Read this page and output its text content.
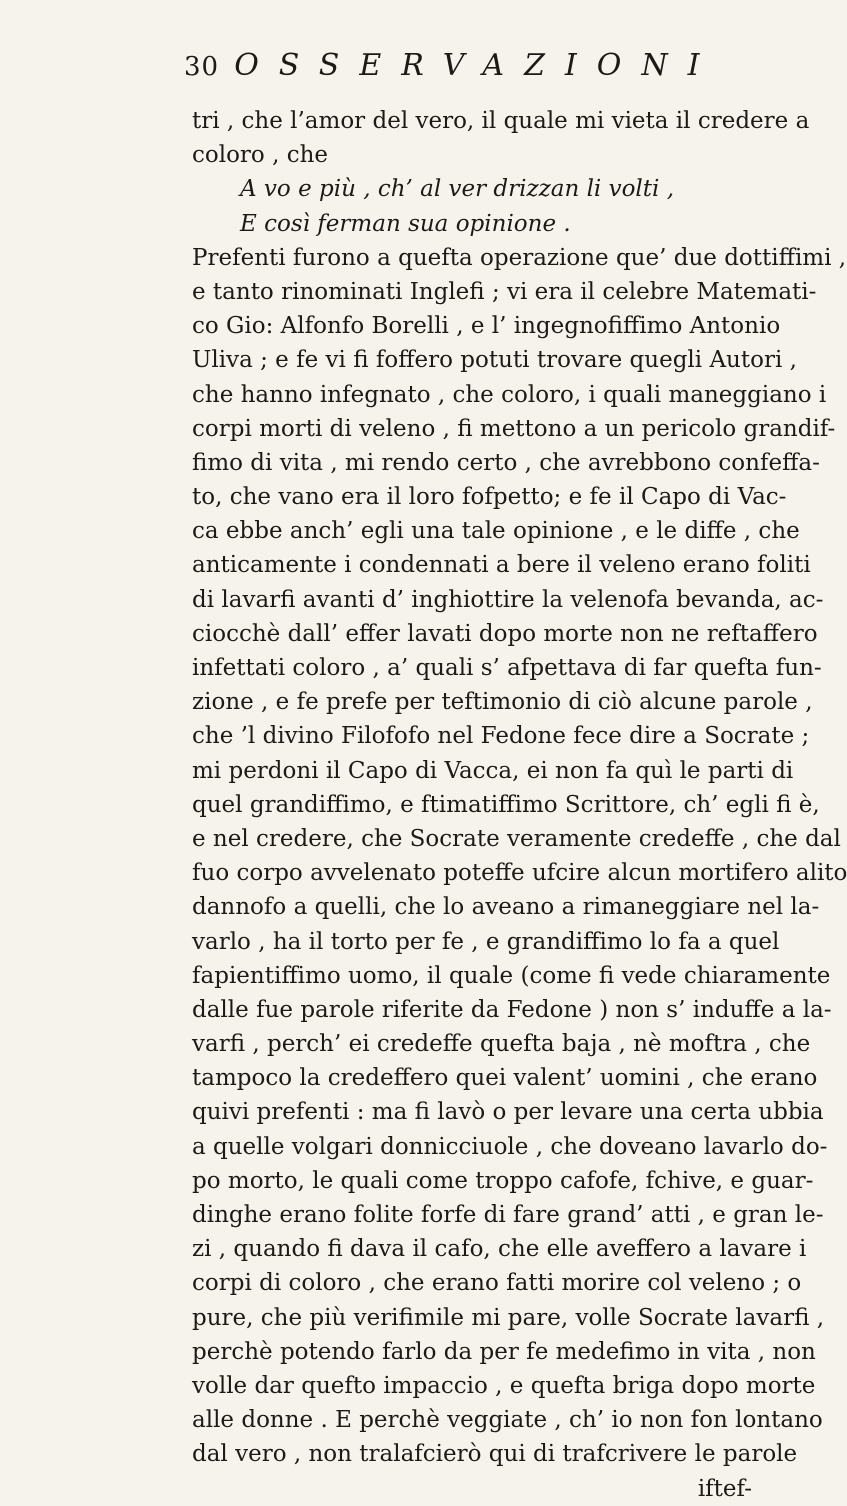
30 OSSERVAZIONI
tri , che l’amor del vero, il quale mi vieta il credere a
coloro , che
A vo e più , ch’ al ver drizzan li volti ,
E così ferman sua opinione .
Prefenti furono a quefta operazione que’ due dottiffimi ,
e tanto rinominati Inglefi ; vi era il celebre Matemati-
co Gio: Alfonfo Borelli , e l’ ingegnofiffimo Antonio
Uliva ; e fe vi fi foffero potuti trovare quegli Autori ,
che hanno infegnato , che coloro, i quali maneggiano i
corpi morti di veleno , fi mettono a un pericolo grandif-
fimo di vita , mi rendo certo , che avrebbono confeffa-
to, che vano era il loro fofpetto; e fe il Capo di Vac-
ca ebbe anch’ egli una tale opinione , e le diffe , che
anticamente i condennati a bere il veleno erano foliti
di lavarfi avanti d’ inghiottire la velenofa bevanda, ac-
ciocchè dall’ effer lavati dopo morte non ne reftaffero
infettati coloro , a’ quali s’ afpettava di far quefta fun-
zione , e fe prefe per teftimonio di ciò alcune parole ,
che ’l divino Filofofo nel Fedone fece dire a Socrate ;
mi perdoni il Capo di Vacca, ei non fa quì le parti di
quel grandiffimo, e ftimatiffimo Scrittore, ch’ egli fi è,
e nel credere, che Socrate veramente credeffe , che dal
fuo corpo avvelenato poteffe ufcire alcun mortifero alito
dannofo a quelli, che lo aveano a rimaneggiare nel la-
varlo , ha il torto per fe , e grandiffimo lo fa a quel
fapientiffimo uomo, il quale (come fi vede chiaramente
dalle fue parole riferite da Fedone ) non s’ induffe a la-
varfi , perch’ ei credeffe quefta baja , nè moftra , che
tampoco la credeffero quei valent’ uomini , che erano
quivi prefenti : ma fi lavò o per levare una certa ubbia
a quelle volgari donnicciuole , che doveano lavarlo do-
po morto, le quali come troppo cafofe, fchive, e guar-
dinghe erano folite forfe di fare grand’ atti , e gran le-
zi , quando fi dava il cafo, che elle aveffero a lavare i
corpi di coloro , che erano fatti morire col veleno ; o
pure, che più verifimile mi pare, volle Socrate lavarfi ,
perchè potendo farlo da per fe medefimo in vita , non
volle dar quefto impaccio , e quefta briga dopo morte
alle donne . E perchè veggiate , ch’ io non fon lontano
dal vero , non tralafcierò qui di trafcrivere le parole
iftef-
